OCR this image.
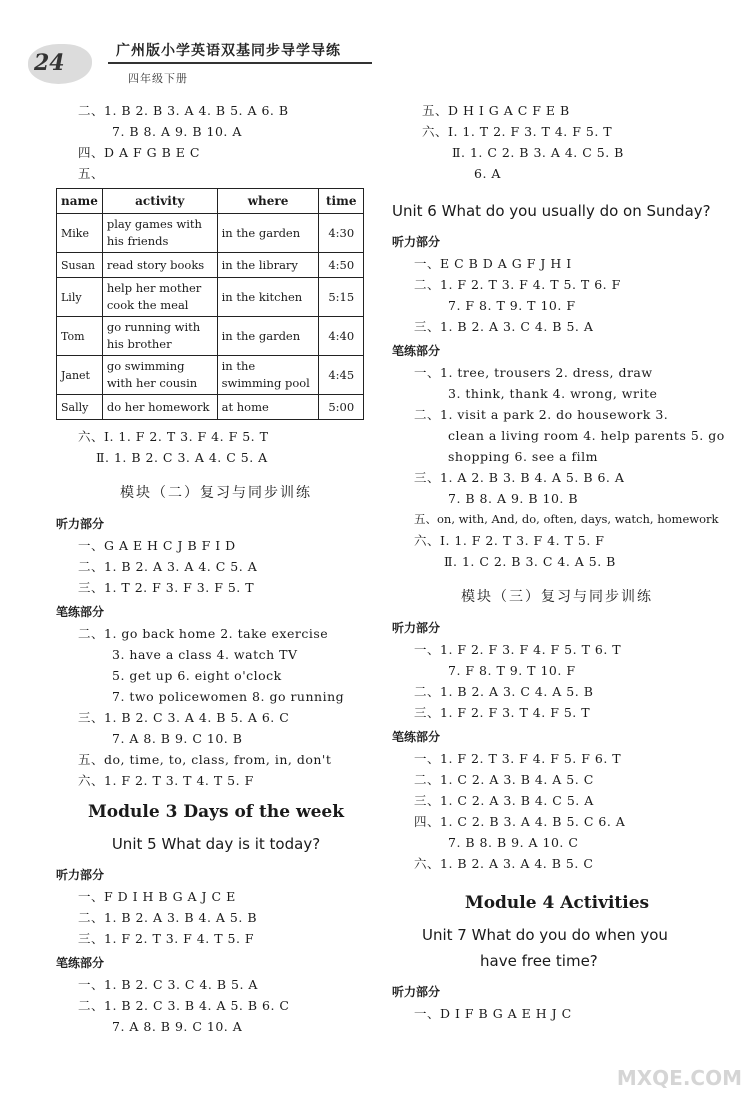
24	广州版小学英语双基同步导学导练
四年级下册
二、1. B 2. B 3. A 4. B 5. A 6. B
7. B 8. A 9. B 10. A
四、D A F G B E C
五、
name	activity	where	time
Mike	play games with his friends	in the garden	4:30
Susan	read story books	in the library	4:50
Lily	help her mother cook the meal	in the kitchen	5:15
Tom	go running with his brother	in the garden	4:40
Janet	go swimming with her cousin	in the swimming pool	4:45
Sally	do her homework	at home	5:00
六、Ⅰ. 1. F 2. T 3. F 4. F 5. T
Ⅱ. 1. B 2. C 3. A 4. C 5. A
模块（二）复习与同步训练
听力部分
一、G A E H C J B F I D
二、1. B 2. A 3. A 4. C 5. A
三、1. T 2. F 3. F 3. F 5. T
笔练部分
二、1. go back home 2. take exercise
3. have a class 4. watch TV
5. get up 6. eight o'clock
7. two policewomen 8. go running
三、1. B 2. C 3. A 4. B 5. A 6. C
7. A 8. B 9. C 10. B
五、do, time, to, class, from, in, don't
六、1. F 2. T 3. T 4. T 5. F
Module 3 Days of the week
Unit 5 What day is it today?
听力部分
一、F D I H B G A J C E
二、1. B 2. A 3. B 4. A 5. B
三、1. F 2. T 3. F 4. T 5. F
笔练部分
一、1. B 2. C 3. C 4. B 5. A
二、1. B 2. C 3. B 4. A 5. B 6. C
7. A 8. B 9. C 10. A
五、D H I G A C F E B
六、Ⅰ. 1. T 2. F 3. T 4. F 5. T
Ⅱ. 1. C 2. B 3. A 4. C 5. B
6. A
Unit 6 What do you usually do on Sunday?
听力部分
一、E C B D A G F J H I
二、1. F 2. T 3. F 4. T 5. T 6. F
7. F 8. T 9. T 10. F
三、1. B 2. A 3. C 4. B 5. A
笔练部分
一、1. tree, trousers 2. dress, draw
3. think, thank 4. wrong, write
二、1. visit a park 2. do housework 3.
clean a living room 4. help parents 5. go
shopping 6. see a film
三、1. A 2. B 3. B 4. A 5. B 6. A
7. B 8. A 9. B 10. B
五、on, with, And, do, often, days, watch, homework
六、Ⅰ. 1. F 2. T 3. F 4. T 5. F
Ⅱ. 1. C 2. B 3. C 4. A 5. B
模块（三）复习与同步训练
听力部分
一、1. F 2. F 3. F 4. F 5. T 6. T
7. F 8. T 9. T 10. F
二、1. B 2. A 3. C 4. A 5. B
三、1. F 2. F 3. T 4. F 5. T
笔练部分
一、1. F 2. T 3. F 4. F 5. F 6. T
二、1. C 2. A 3. B 4. A 5. C
三、1. C 2. A 3. B 4. C 5. A
四、1. C 2. B 3. A 4. B 5. C 6. A
7. B 8. B 9. A 10. C
六、1. B 2. A 3. A 4. B 5. C
Module 4 Activities
Unit 7 What do you do when you
have free time?
听力部分
一、D I F B G A E H J C
MXQE.COM
